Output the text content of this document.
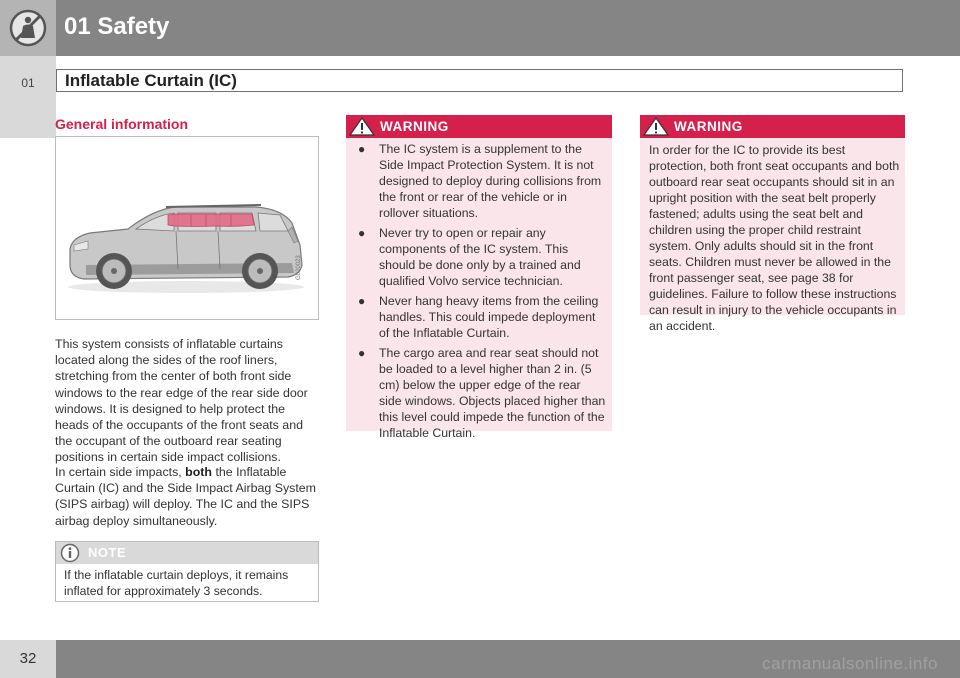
01 Safety
01	Inflatable Curtain (IC)
General information
G020023

This system consists of inflatable curtains located along the sides of the roof liners, stretching from the center of both front side windows to the rear edge of the rear side door windows. It is designed to help protect the heads of the occupants of the front seats and the occupant of the outboard rear seating positions in certain side impact collisions.

In certain side impacts, both the Inflatable Curtain (IC) and the Side Impact Airbag System (SIPS airbag) will deploy. The IC and the SIPS airbag deploy simultaneously.

NOTE
If the inflatable curtain deploys, it remains inflated for approximately 3 seconds.
WARNING
● The IC system is a supplement to the Side Impact Protection System. It is not designed to deploy during collisions from the front or rear of the vehicle or in rollover situations.
● Never try to open or repair any components of the IC system. This should be done only by a trained and qualified Volvo service technician.
● Never hang heavy items from the ceiling handles. This could impede deployment of the Inflatable Curtain.
● The cargo area and rear seat should not be loaded to a level higher than 2 in. (5 cm) below the upper edge of the rear side windows. Objects placed higher than this level could impede the function of the Inflatable Curtain.
WARNING

In order for the IC to provide its best protection, both front seat occupants and both outboard rear seat occupants should sit in an upright position with the seat belt properly fastened; adults using the seat belt and children using the proper child restraint system. Only adults should sit in the front seats. Children must never be allowed in the front passenger seat, see page 38 for guidelines. Failure to follow these instructions can result in injury to the vehicle occupants in an accident.

32	carmanualsonline.info
